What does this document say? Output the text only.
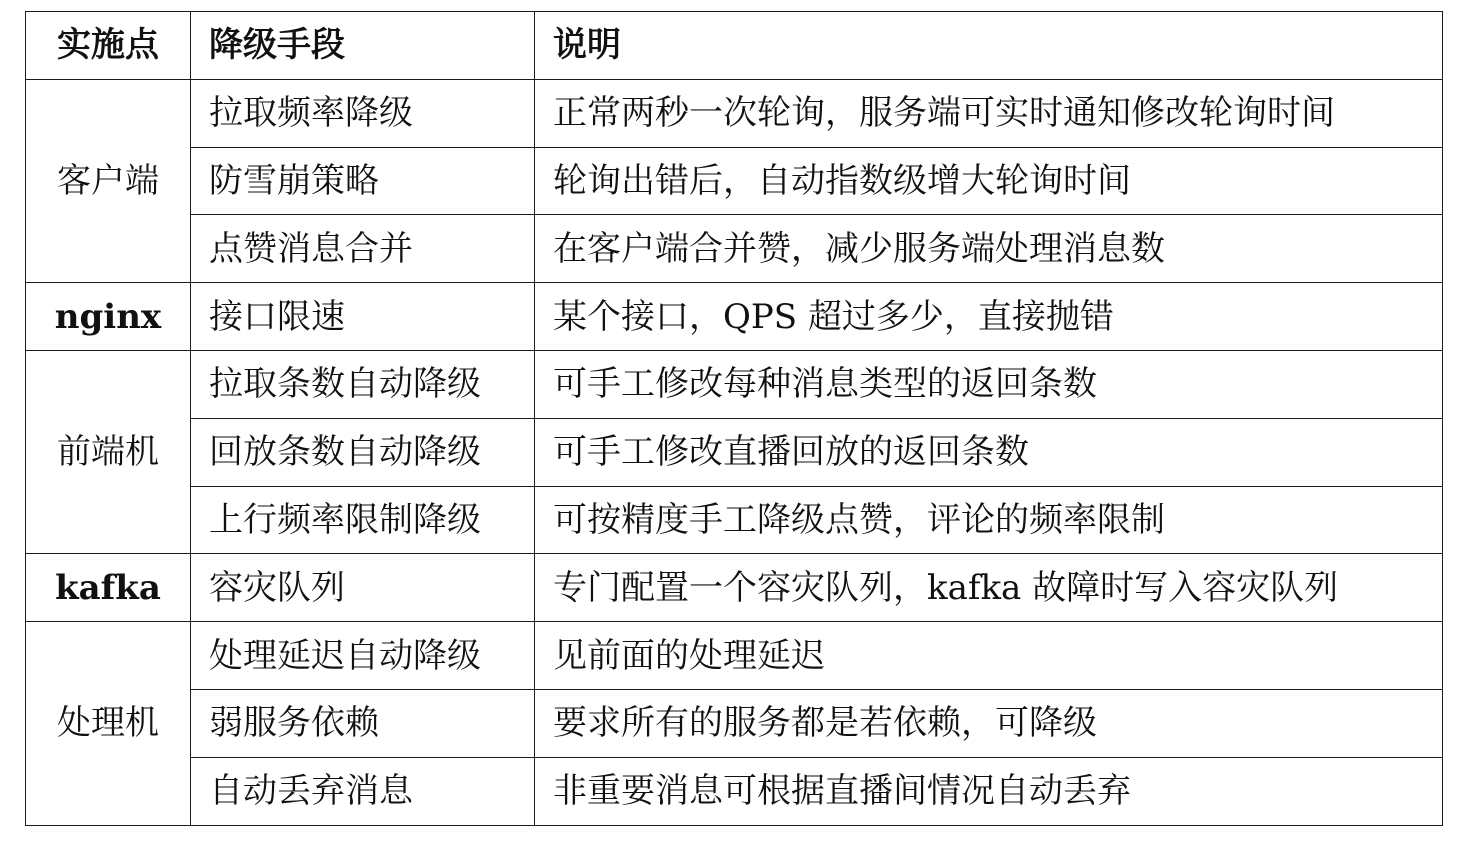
实施点	降级手段	说明
客户端	拉取频率降级	正常两秒一次轮询，服务端可实时通知修改轮询时间
	防雪崩策略	轮询出错后，自动指数级增大轮询时间
	点赞消息合并	在客户端合并赞，减少服务端处理消息数
nginx	接口限速	某个接口，QPS 超过多少，直接抛错
前端机	拉取条数自动降级	可手工修改每种消息类型的返回条数
	回放条数自动降级	可手工修改直播回放的返回条数
	上行频率限制降级	可按精度手工降级点赞，评论的频率限制
kafka	容灾队列	专门配置一个容灾队列，kafka 故障时写入容灾队列
处理机	处理延迟自动降级	见前面的处理延迟
	弱服务依赖	要求所有的服务都是若依赖，可降级
	自动丢弃消息	非重要消息可根据直播间情况自动丢弃
